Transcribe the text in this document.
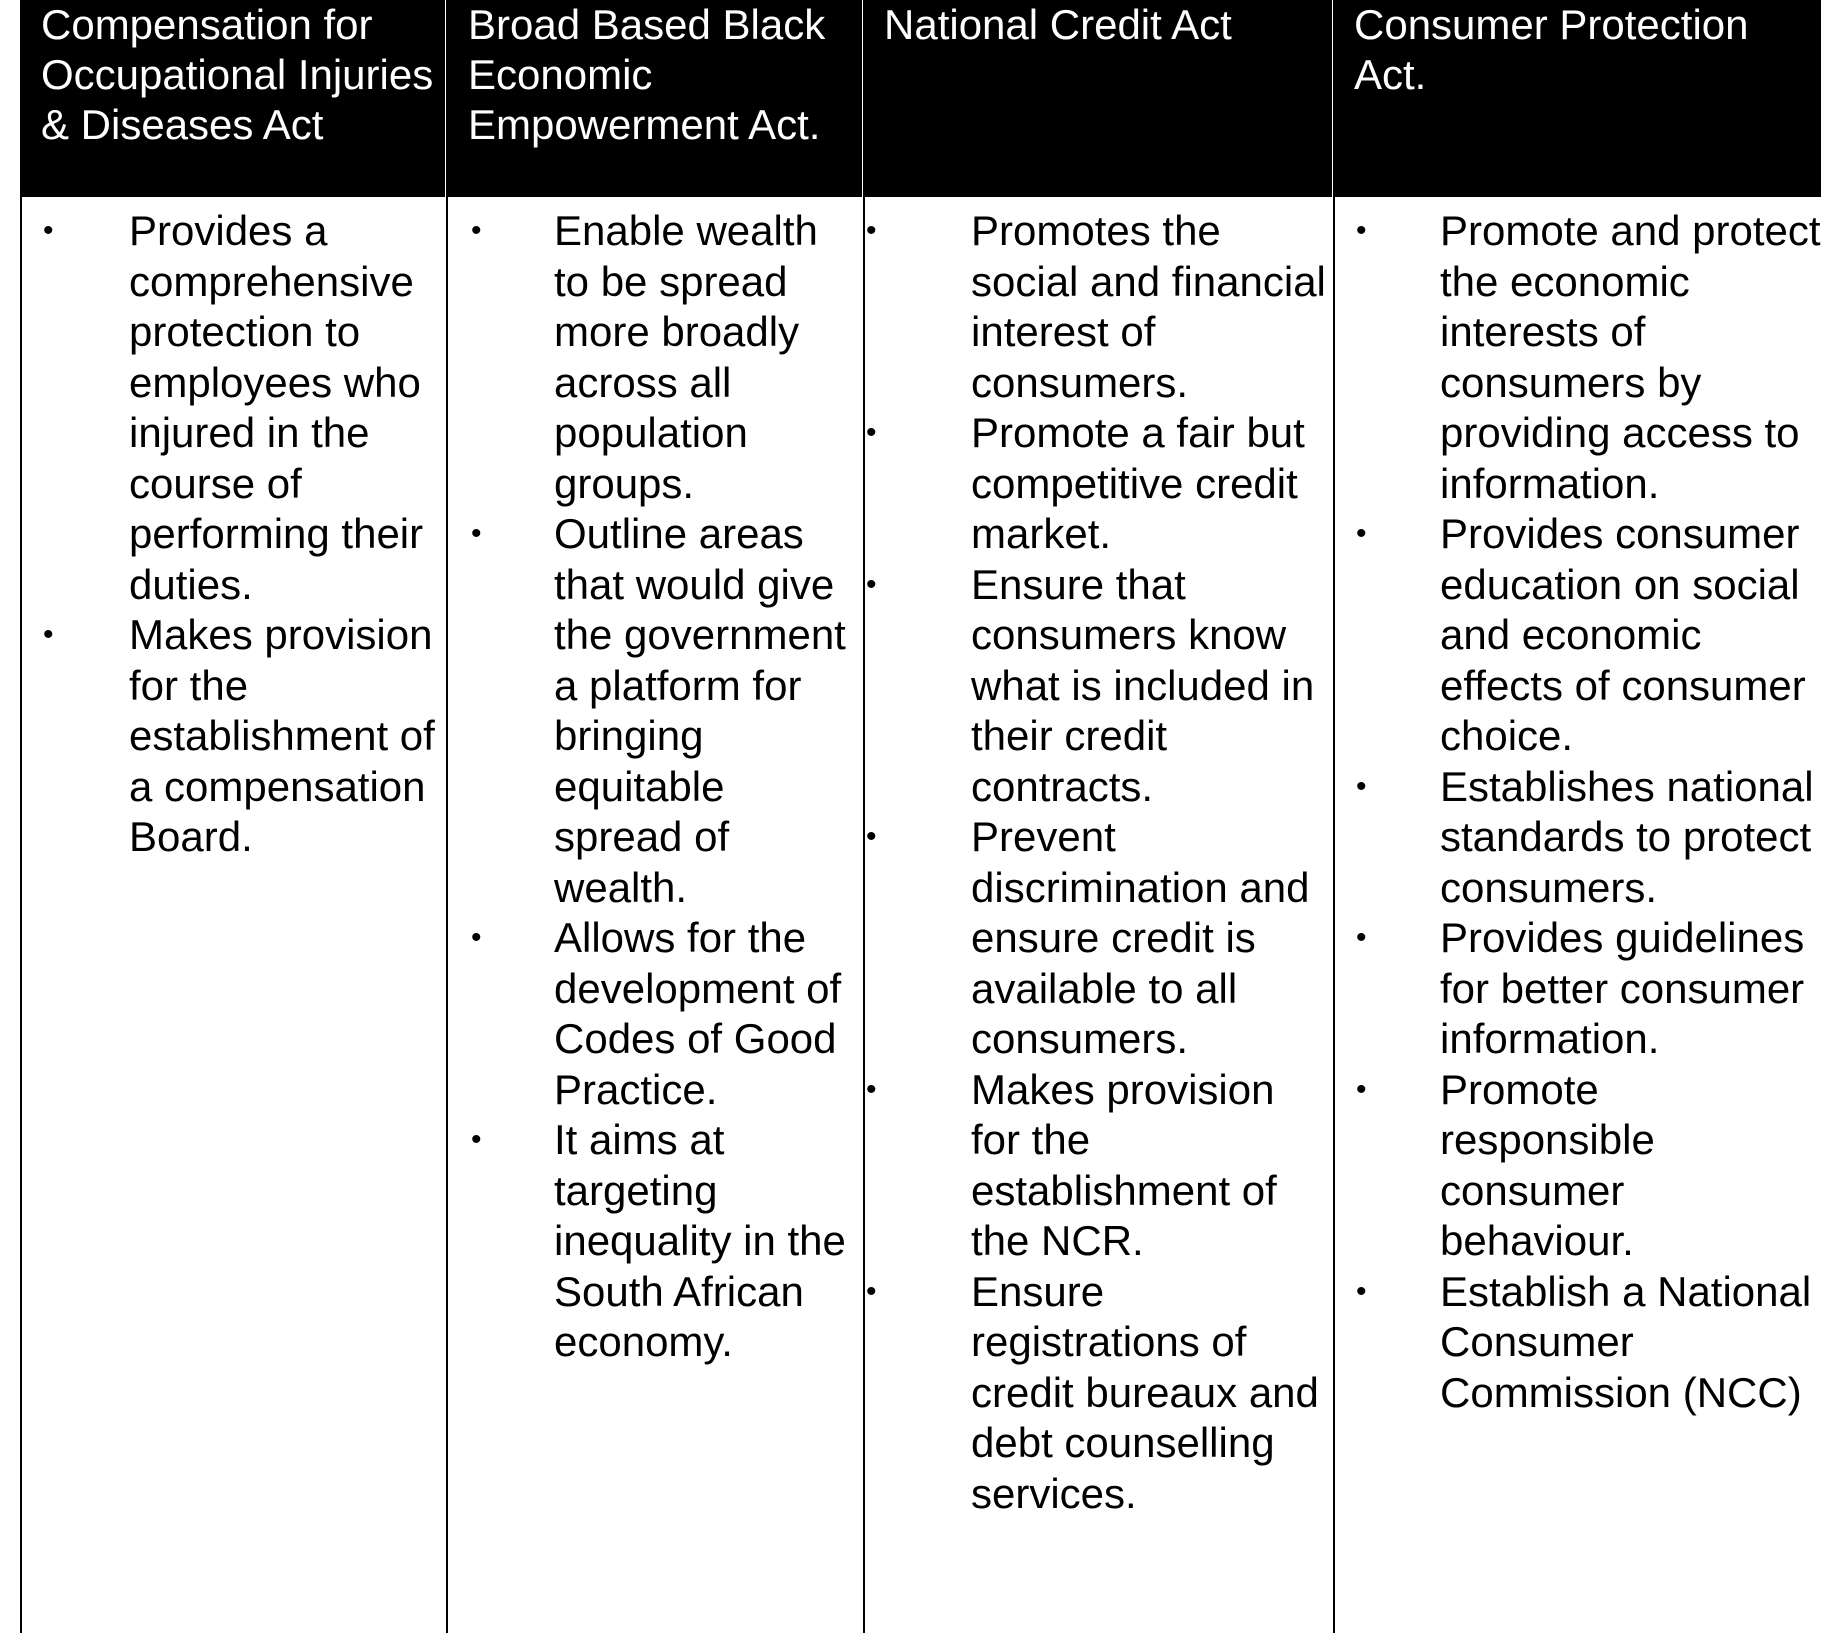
Compensation for Occupational Injuries & Diseases Act

• Provides a comprehensive protection to employees who injured in the course of performing their duties.
• Makes provision for the establishment of a compensation Board.

Broad Based Black Economic Empowerment Act.

• Enable wealth to be spread more broadly across all population groups.
• Outline areas that would give the government a platform for bringing equitable spread of wealth.
• Allows for the development of Codes of Good Practice.
• It aims at targeting inequality in the South African economy.

National Credit Act

• Promotes the social and financial interest of consumers.
• Promote a fair but competitive credit market.
• Ensure that consumers know what is included in their credit contracts.
• Prevent discrimination and ensure credit is available to all consumers.
• Makes provision for the establishment of the NCR.
• Ensure registrations of credit bureaux and debt counselling services.

Consumer Protection Act.

• Promote and protect the economic interests of consumers by providing access to information.
• Provides consumer education on social and economic effects of consumer choice.
• Establishes national standards to protect consumers.
• Provides guidelines for better consumer information.
• Promote responsible consumer behaviour.
• Establish a National Consumer Commission (NCC)
